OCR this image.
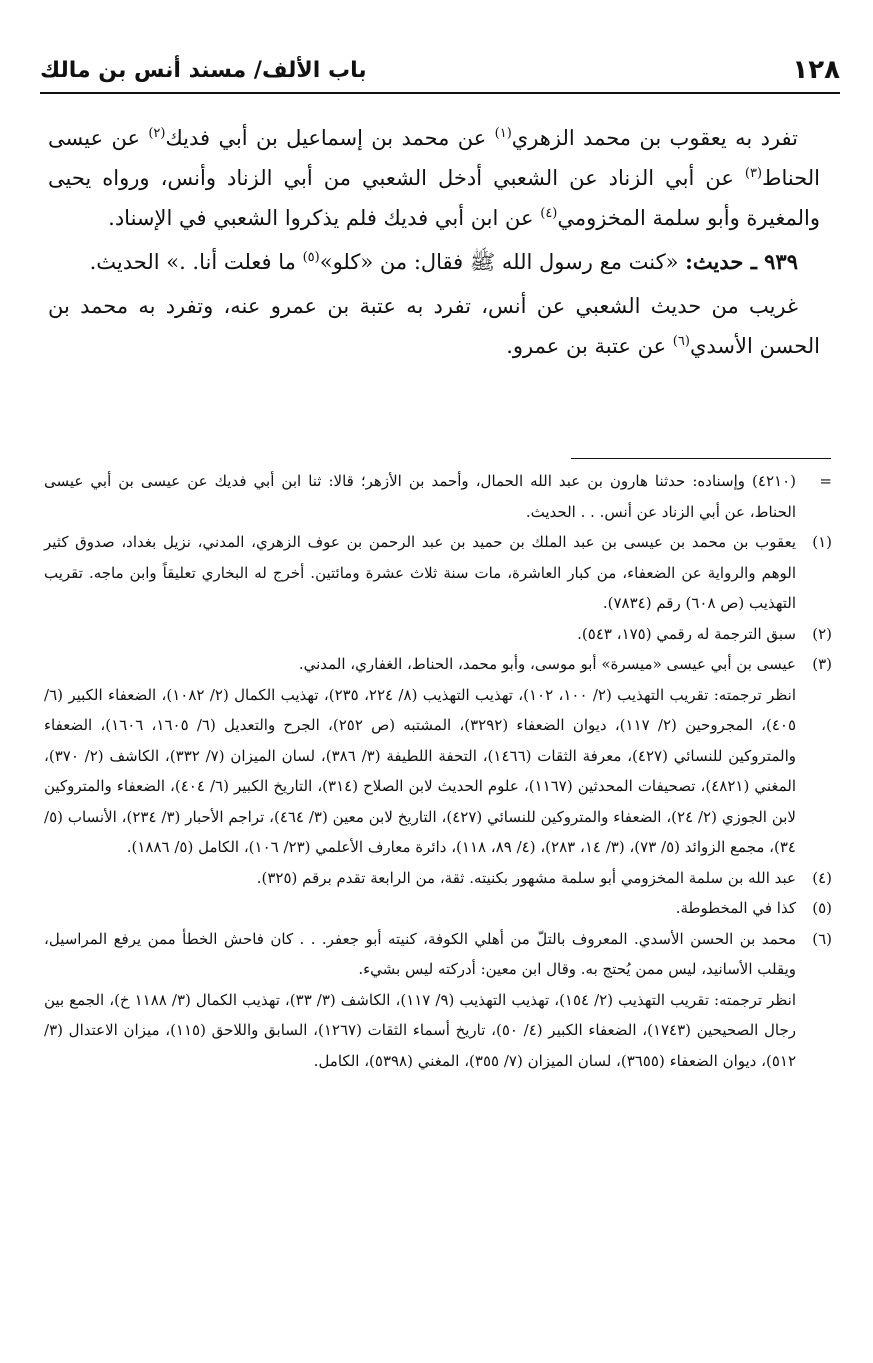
١٢٨
باب الألف/ مسند أنس بن مالك

تفرد به يعقوب بن محمد الزهري$^{(١)}$ عن محمد بن إسماعيل بن أبي فديك$^{(٢)}$ عن عيسى الحناط$^{(٣)}$ عن أبي الزناد عن الشعبي أدخل الشعبي من أبي الزناد وأنس، ورواه يحيى والمغيرة وأبو سلمة المخزومي$^{(٤)}$ عن ابن أبي فديك فلم يذكروا الشعبي في الإسناد.

٩٣٩ ـ حديث: «كنت مع رسول الله ﷺ فقال: من «كلو»$^{(٥)}$ ما فعلت أنا. .» الحديث.

غريب من حديث الشعبي عن أنس، تفرد به عتبة بن عمرو عنه، وتفرد به محمد بن الحسن الأسدي$^{(٦)}$ عن عتبة بن عمرو.

=

(٤٢١٠) وإسناده: حدثنا هارون بن عبد الله الحمال، وأحمد بن الأزهر؛ قالا: ثنا ابن أبي فديك عن عيسى بن أبي عيسى الحناط، عن أبي الزناد عن أنس. . . الحديث.

(١)

يعقوب بن محمد بن عيسى بن عبد الملك بن حميد بن عبد الرحمن بن عوف الزهري، المدني، نزيل بغداد، صدوق كثير الوهم والرواية عن الضعفاء، من كبار العاشرة، مات سنة ثلاث عشرة ومائتين. أخرج له البخاري تعليقاً وابن ماجه. تقريب التهذيب (ص ٦٠٨) رقم (٧٨٣٤).

(٢)

سبق الترجمة له رقمي (١٧٥، ٥٤٣).

(٣)

عيسى بن أبي عيسى «ميسرة» أبو موسى، وأبو محمد، الحناط، الغفاري، المدني.

انظر ترجمته: تقريب التهذيب (٢/ ١٠٠، ١٠٢)، تهذيب التهذيب (٨/ ٢٢٤، ٢٣٥)، تهذيب الكمال (٢/ ١٠٨٢)، الضعفاء الكبير (٦/ ٤٠٥)، المجروحين (٢/ ١١٧)، ديوان الضعفاء (٣٢٩٢)، المشتبه (ص ٢٥٢)، الجرح والتعديل (٦/ ١٦٠٥، ١٦٠٦)، الضعفاء والمتروكين للنسائي (٤٢٧)، معرفة الثقات (١٤٦٦)، التحفة اللطيفة (٣/ ٣٨٦)، لسان الميزان (٧/ ٣٣٢)، الكاشف (٢/ ٣٧٠)، المغني (٤٨٢١)، تصحيفات المحدثين (١١٦٧)، علوم الحديث لابن الصلاح (٣١٤)، التاريخ الكبير (٦/ ٤٠٤)، الضعفاء والمتروكين لابن الجوزي (٢/ ٢٤)، الضعفاء والمتروكين للنسائي (٤٢٧)، التاريخ لابن معين (٣/ ٤٦٤)، تراجم الأحبار (٣/ ٢٣٤)، الأنساب (٥/ ٣٤)، مجمع الزوائد (٥/ ٧٣)، (٣/ ١٤، ٢٨٣)، (٤/ ٨٩، ١١٨)، دائرة معارف الأعلمي (٢٣/ ١٠٦)، الكامل (٥/ ١٨٨٦).

(٤)

عبد الله بن سلمة المخزومي أبو سلمة مشهور بكنيته. ثقة، من الرابعة تقدم برقم (٣٢٥).

(٥)

كذا في المخطوطة.

(٦)

محمد بن الحسن الأسدي. المعروف بالتلّ من أهلي الكوفة، كنيته أبو جعفر. . . كان فاحش الخطأ ممن يرفع المراسيل، ويقلب الأسانيد، ليس ممن يُحتج به. وقال ابن معين: أدركته ليس بشيء.

انظر ترجمته: تقريب التهذيب (٢/ ١٥٤)، تهذيب التهذيب (٩/ ١١٧)، الكاشف (٣/ ٣٣)، تهذيب الكمال (٣/ ١١٨٨ خ)، الجمع بين رجال الصحيحين (١٧٤٣)، الضعفاء الكبير (٤/ ٥٠)، تاريخ أسماء الثقات (١٢٦٧)، السابق واللاحق (١١٥)، ميزان الاعتدال (٣/ ٥١٢)، ديوان الضعفاء (٣٦٥٥)، لسان الميزان (٧/ ٣٥٥)، المغني (٥٣٩٨)، الكامل.
